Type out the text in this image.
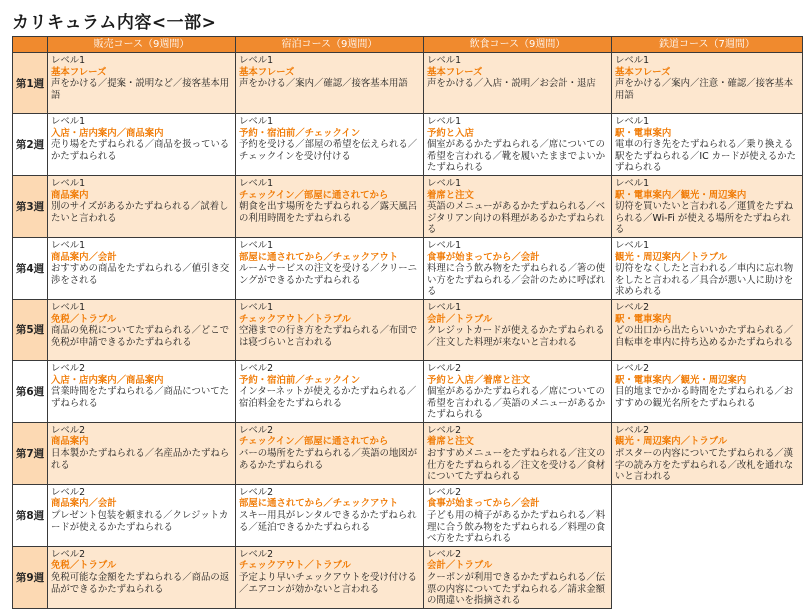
カリキュラム内容<一部>
	販売コース（9週間）	宿泊コース（9週間）	飲食コース（9週間）	鉄道コース（7週間）
第1週	レベル1
基本フレーズ
声をかける／提案・説明など／接客基本用語	レベル1
基本フレーズ
声をかける／案内／確認／接客基本用語	レベル1
基本フレーズ
声をかける／入店・説明／お会計・退店	レベル1
基本フレーズ
声をかける／案内／注意・確認／接客基本用語

第2週	レベル1
入店・店内案内／商品案内
売り場をたずねられる／商品を扱っているかたずねられる	レベル1
予約・宿泊前／チェックイン
予約を受ける／部屋の希望を伝えられる／チェックインを受け付ける	レベル1
予約と入店
個室があるかたずねられる／席についての希望を言われる／靴を履いたままでよいかたずねられる	レベル1
駅・電車案内
電車の行き先をたずねられる／乗り換える駅をたずねられる／IC カードが使えるかたずねられる

第3週	レベル1
商品案内
別のサイズがあるかたずねられる／試着したいと言われる	レベル1
チェックイン／部屋に通されてから
朝食を出す場所をたずねられる／露天風呂の利用時間をたずねられる	レベル1
着席と注文
英語のメニューがあるかたずねられる／ベジタリアン向けの料理があるかたずねられる	レベル1
駅・電車案内／観光・周辺案内
切符を買いたいと言われる／運賃をたずねられる／Wi-Fi が使える場所をたずねられる

第4週	レベル1
商品案内／会計
おすすめの商品をたずねられる／値引き交渉をされる	レベル1
部屋に通されてから／チェックアウト
ルームサービスの注文を受ける／クリーニングができるかたずねられる	レベル1
食事が始まってから／会計
料理に合う飲み物をたずねられる／箸の使い方をたずねられる／会計のために呼ばれる	レベル1
観光・周辺案内／トラブル
切符をなくしたと言われる／車内に忘れ物をしたと言われる／具合が悪い人に助けを求められる

第5週	レベル1
免税／トラブル
商品の免税についてたずねられる／どこで免税が申請できるかたずねられる	レベル1
チェックアウト／トラブル
空港までの行き方をたずねられる／布団では寝づらいと言われる	レベル1
会計／トラブル
クレジットカードが使えるかたずねられる／注文した料理が来ないと言われる	レベル2
駅・電車案内
どの出口から出たらいいかたずねられる／自転車を車内に持ち込めるかたずねられる

第6週	レベル2
入店・店内案内／商品案内
営業時間をたずねられる／商品についてたずねられる	レベル2
予約・宿泊前／チェックイン
インターネットが使えるかたずねられる／宿泊料金をたずねられる	レベル2
予約と入店／着席と注文
個室があるかたずねられる／席についての希望を言われる／英語のメニューがあるかたずねられる	レベル2
駅・電車案内／観光・周辺案内
目的地までかかる時間をたずねられる／おすすめの観光名所をたずねられる

第7週	レベル2
商品案内
日本製かたずねられる／名産品かたずねられる	レベル2
チェックイン／部屋に通されてから
バーの場所をたずねられる／英語の地図があるかたずねられる	レベル2
着席と注文
おすすめメニューをたずねられる／注文の仕方をたずねられる／注文を受ける／食材についてたずねられる	レベル2
観光・周辺案内／トラブル
ポスターの内容についてたずねられる／漢字の読み方をたずねられる／改札を通れないと言われる

第8週	レベル2
商品案内／会計
プレゼント包装を頼まれる／クレジットカードが使えるかたずねられる	レベル2
部屋に通されてから／チェックアウト
スキー用具がレンタルできるかたずねられる／延泊できるかたずねられる	レベル2
食事が始まってから／会計
子ども用の椅子があるかたずねられる／料理に合う飲み物をたずねられる／料理の食べ方をたずねられる	

第9週	レベル2
免税／トラブル
免税可能な金額をたずねられる／商品の返品ができるかたずねられる	レベル2
チェックアウト／トラブル
予定より早いチェックアウトを受け付ける／エアコンが効かないと言われる	レベル2
会計／トラブル
クーポンが利用できるかたずねられる／伝票の内容についてたずねられる／請求金額の間違いを指摘される	
